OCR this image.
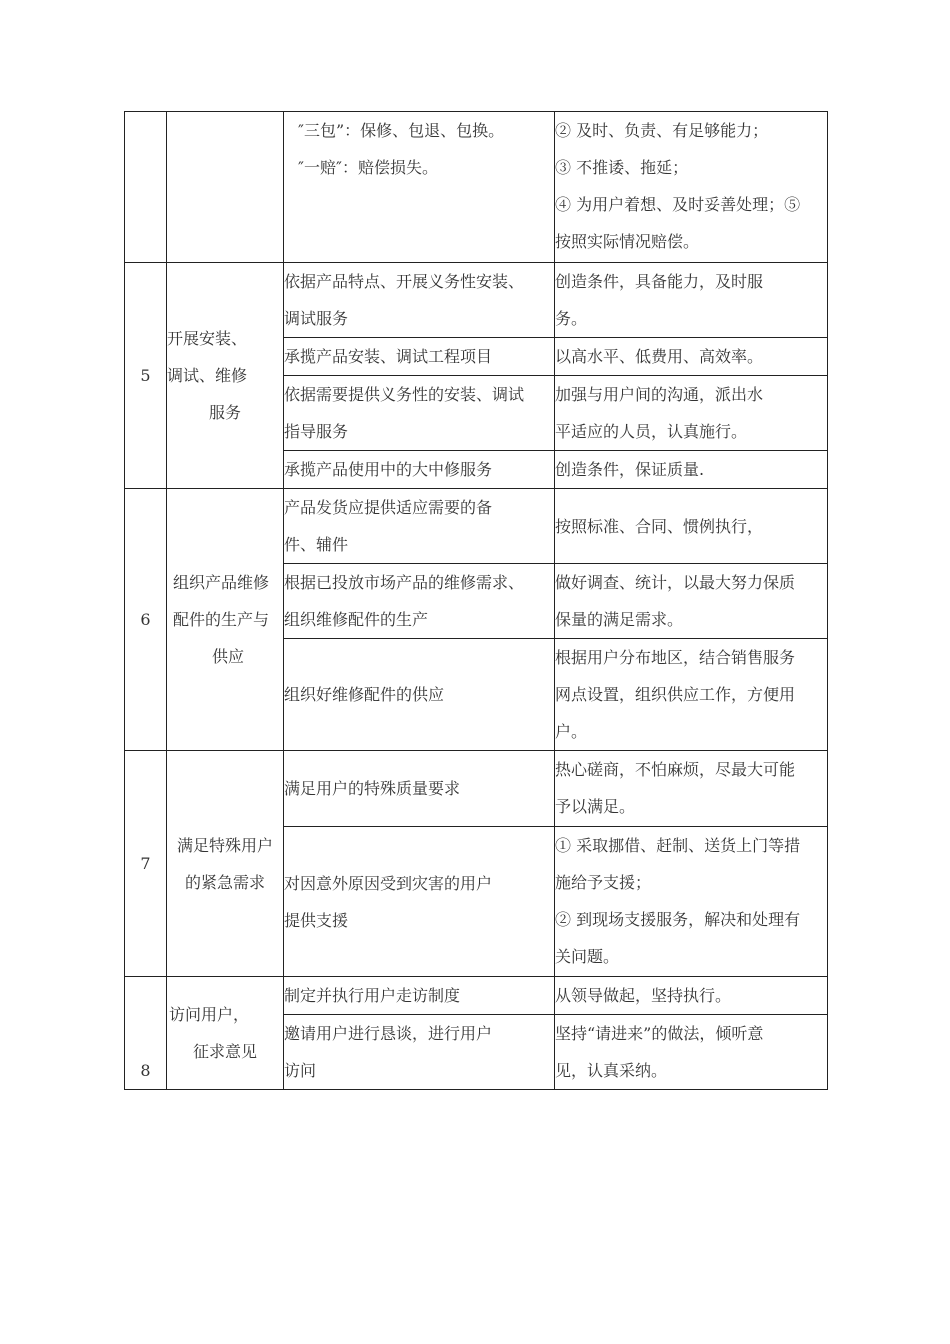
		″三包”：保修、包退、包换。
″一赔″：赔偿损失。	② 及时、负责、有足够能力；
③ 不推诿、拖延；
④ 为用户着想、及时妥善处理；⑤
按照实际情况赔偿。

5	开展安装、
调试、维修
服务	依据产品特点、开展义务性安装、
调试服务	创造条件，具备能力，及时服
务。

		承揽产品安装、调试工程项目	以高水平、低费用、高效率。

		依据需要提供义务性的安装、调试
指导服务	加强与用户间的沟通，派出水
平适应的人员，认真施行。

		承揽产品使用中的大中修服务	创造条件，保证质量.

6	组织产品维修
配件的生产与
供应	产品发货应提供适应需要的备
件、辅件	按照标准、合同、惯例执行，

		根据已投放市场产品的维修需求、
组织维修配件的生产	做好调查、统计，以最大努力保质
保量的满足需求。

		组织好维修配件的供应	根据用户分布地区，结合销售服务
网点设置，组织供应工作，方便用
户。

7	满足特殊用户
的紧急需求	满足用户的特殊质量要求	热心磋商，不怕麻烦，尽最大可能
予以满足。

		对因意外原因受到灾害的用户
提供支援	① 采取挪借、赶制、送货上门等措
施给予支援；
② 到现场支援服务，解决和处理有
关问题。

8	访问用户，
征求意见	制定并执行用户走访制度	从领导做起，坚持执行。

		邀请用户进行恳谈，进行用户
访问	坚持“请进来”的做法，倾听意
见，认真采纳。
